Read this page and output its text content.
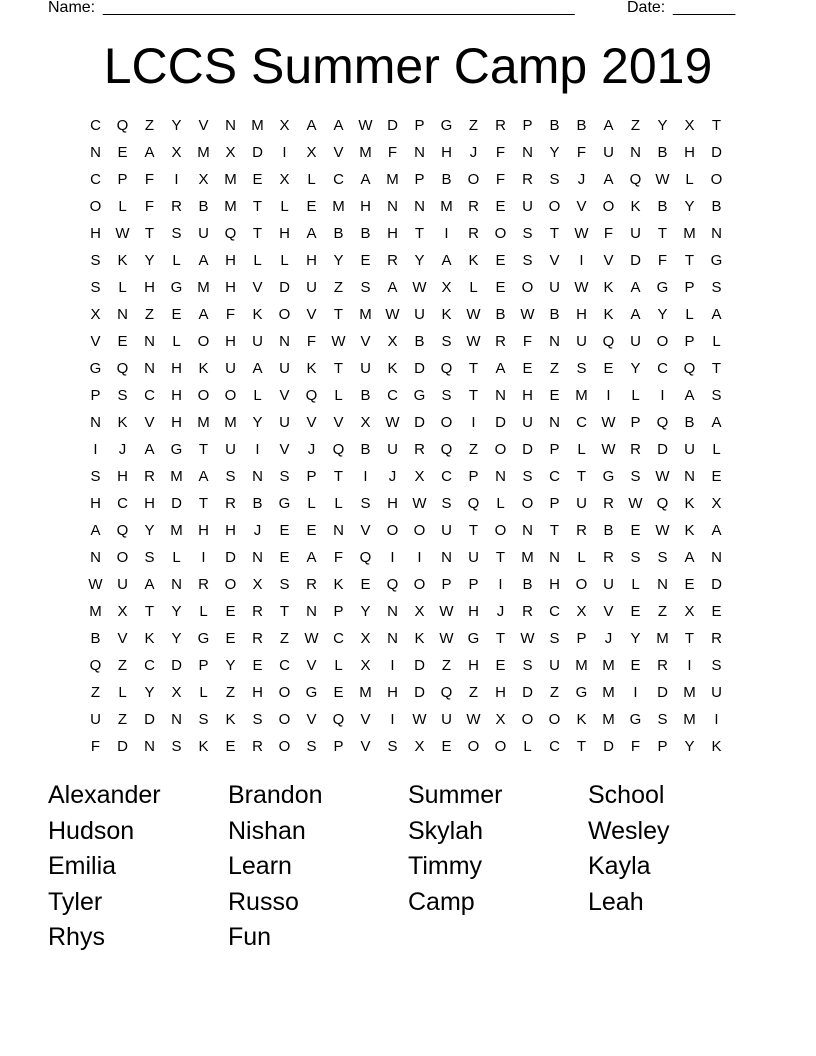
Name: _____________________________________________________	Date: _______
LCCS Summer Camp 2019
C	Q	Z	Y	V	N	M	X	A	A W D	P	G	Z	R	P	B	B	A	Z	Y	X	T
N	E	A	X	M	X	D	I	X	V	M	F	N	H	J	F	N	Y	F	U	N	B	H	D
C	P	F	I	X	M	E	X	L	C	A	M	P	B	O	F	R	S	J	A	Q W	L	O
O	L	F	R	B	M	T	L	E	M	H	N	N	M	R	E	U	O	V	O	K	B	Y	B
H W	T	S	U	Q	T	H	A	B	B	H	T	I	R	O	S	T	W	F	U	T	M	N
S	K	Y	L	A	H	L	L	H	Y	E	R	Y	A	K	E	S	V	I	V	D	F	T	G
S	L	H	G M	H	V	D	U	Z	S	A W X	L	E	O	U W K	A	G	P	S
X	N	Z	E	A	F	K	O	V	T	M W U	K W B W B	H	K	A	Y	L	A
V	E	N	L	O	H	U	N	F	W V	X	B	S W R	F	N	U	Q	U	O	P	L
G	Q	N	H	K	U	A	U	K	T	U	K	D	Q	T	A	E	Z	S	E	Y	C	Q	T
P	S	C	H	O	O	L	V	Q	L	B	C	G	S	T	N	H	E	M	I	L	I	A	S
N	K	V	H	M M	Y	U	V	V	X W D	O	I	D	U	N	C W P	Q	B	A
I	J	A	G	T	U	I	V	J	Q	B	U	R	Q	Z	O	D	P	L	W R	D	U	L
S	H	R	M	A	S	N	S	P	T	I	J	X	C	P	N	S	C	T	G	S W N	E
H	C	H	D	T	R	B	G	L	L	S	H W S	Q	L	O	P	U	R W Q	K	X
A	Q	Y	M	H	H	J	E	E	N	V	O	O	U	T	O	N	T	R	B	E W K	A
N	O	S	L	I	D	N	E	A	F	Q	I	I	N	U	T	M	N	L	R	S	S	A	N
W U	A	N	R	O	X	S	R	K	E	Q	O	P	P	I	B	H	O	U	L	N	E	D
M	X	T	Y	L	E	R	T	N	P	Y	N	X W H	J	R	C	X	V	E	Z	X	E
B	V	K	Y	G	E	R	Z	W C	X	N	K W G	T	W S	P	J	Y	M	T	R
Q	Z	C	D	P	Y	E	C	V	L	X	I	D	Z	H	E	S	U	M M	E	R	I	S
Z	L	Y	X	L	Z	H	O	G	E	M	H	D	Q	Z	H	D	Z	G M	I	D	M	U
U	Z	D	N	S	K	S	O	V	Q	V	I	W U W X	O	O	K	M G	S	M	I
F	D	N	S	K	E	R	O	S	P	V	S	X	E	O	O	L	C	T	D	F	P	Y	K
Alexander	Brandon	Summer	School
Hudson	Nishan	Skylah	Wesley
Emilia	Learn	Timmy	Kayla
Tyler	Russo	Camp	Leah
Rhys	Fun
